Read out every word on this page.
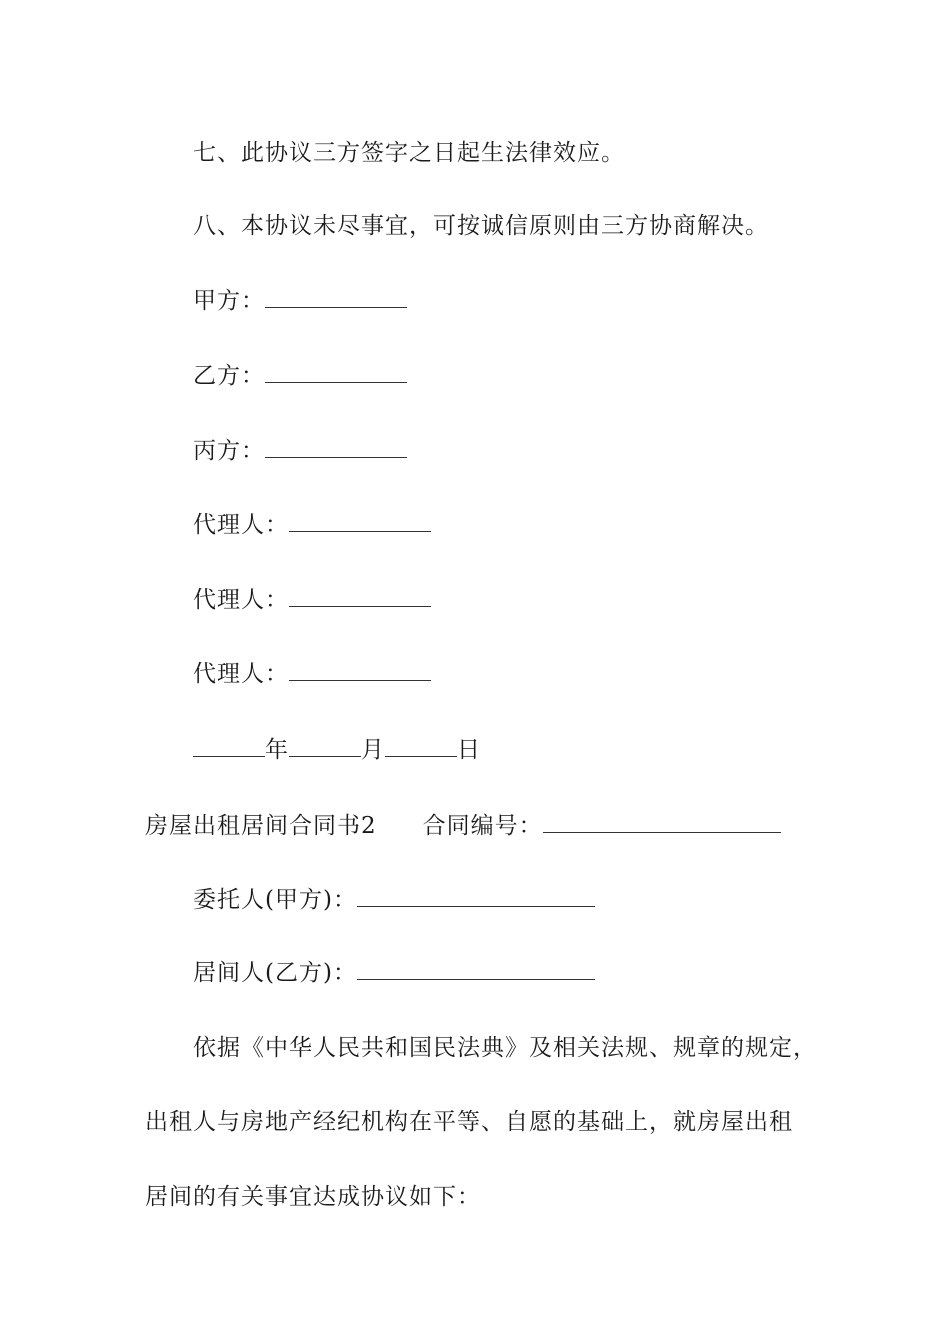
七、此协议三方签字之日起生法律效应。
八、本协议未尽事宜，可按诚信原则由三方协商解决。
甲方：
乙方：
丙方：
代理人：
代理人：
代理人：
年	月	日
房屋出租居间合同书2 合同编号：
委托人(甲方)：
居间人(乙方)：
依据《中华人民共和国民法典》及相关法规、规章的规定，
出租人与房地产经纪机构在平等、自愿的基础上，就房屋出租
居间的有关事宜达成协议如下：
